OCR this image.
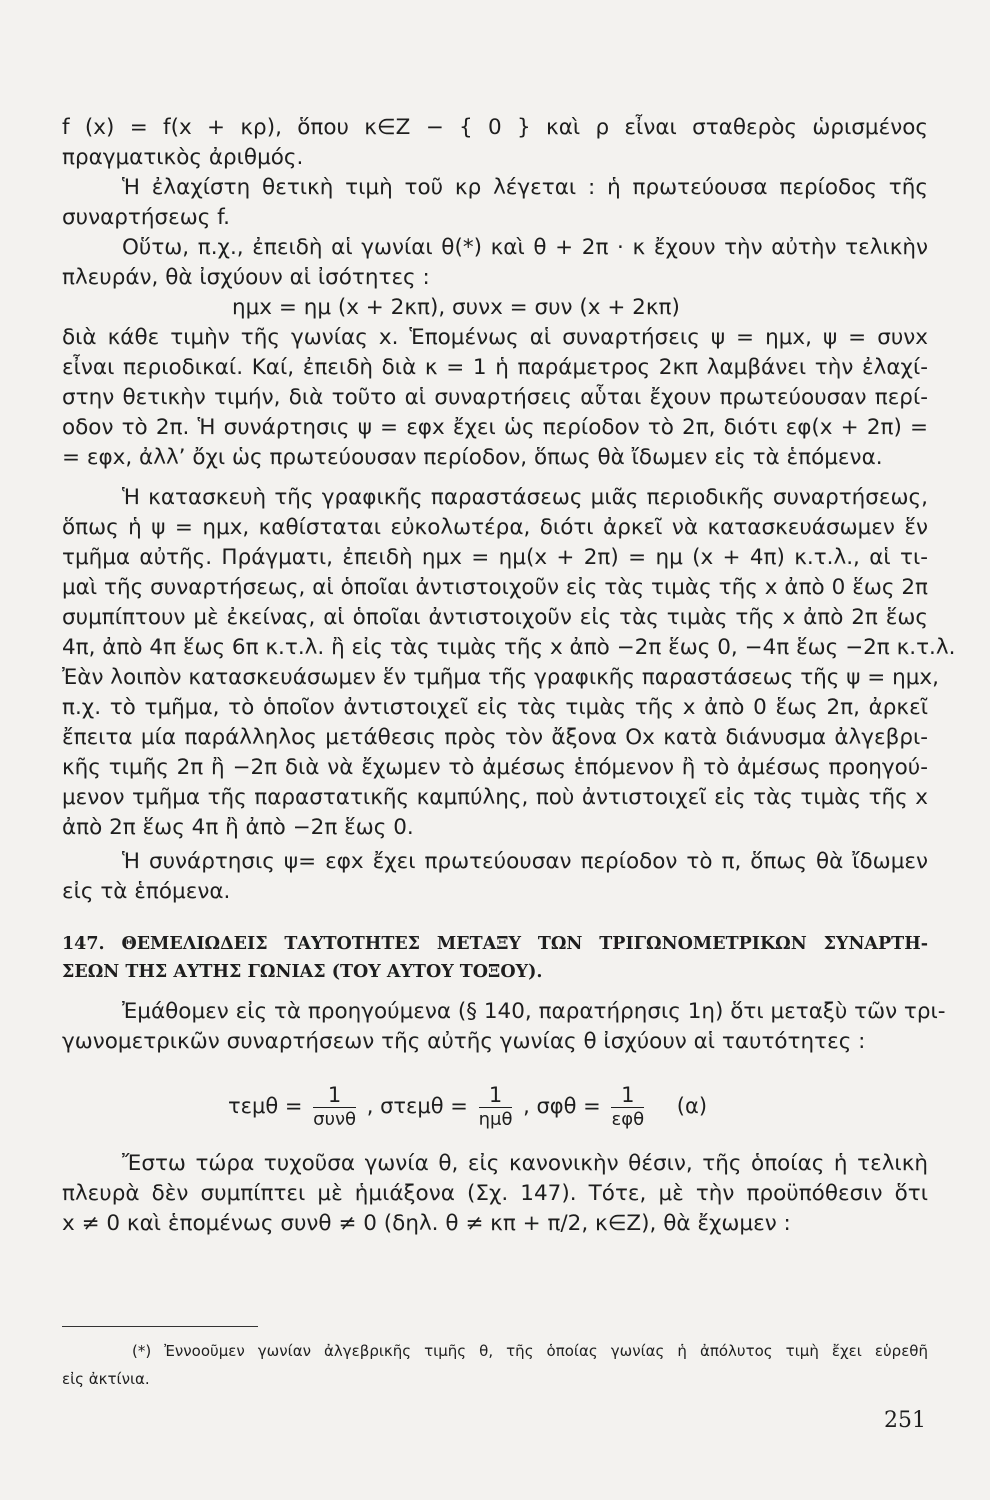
f (x) = f(x + κρ), ὅπου κ∈Z − { 0 } καὶ ρ εἶναι σταθερὸς ὡρισμένος
πραγματικὸς ἀριθμός.
Ἡ ἐλαχίστη θετικὴ τιμὴ τοῦ κρ λέγεται : ἡ πρωτεύουσα περίοδος τῆς
συναρτήσεως f.
Οὕτω, π.χ., ἐπειδὴ αἱ γωνίαι θ(*) καὶ θ + 2π · κ ἔχουν τὴν αὐτὴν τελικὴν
πλευράν, θὰ ἰσχύουν αἱ ἰσότητες :
ημx = ημ (x + 2κπ), συνx = συν (x + 2κπ)
διὰ κάθε τιμὴν τῆς γωνίας x. Ἑπομένως αἱ συναρτήσεις ψ = ημx, ψ = συνx
εἶναι περιοδικαί. Καί, ἐπειδὴ διὰ κ = 1 ἡ παράμετρος 2κπ λαμβάνει τὴν ἐλαχί-
στην θετικὴν τιμήν, διὰ τοῦτο αἱ συναρτήσεις αὗται ἔχουν πρωτεύουσαν περί-
οδον τὸ 2π. Ἡ συνάρτησις ψ = εφx ἔχει ὡς περίοδον τὸ 2π, διότι εφ(x + 2π) =
= εφx, ἀλλ’ ὄχι ὡς πρωτεύουσαν περίοδον, ὅπως θὰ ἴδωμεν εἰς τὰ ἑπόμενα.
Ἡ κατασκευὴ τῆς γραφικῆς παραστάσεως μιᾶς περιοδικῆς συναρτήσεως,
ὅπως ἡ ψ = ημx, καθίσταται εὐκολωτέρα, διότι ἀρκεῖ νὰ κατασκευάσωμεν ἕν
τμῆμα αὐτῆς. Πράγματι, ἐπειδὴ ημx = ημ(x + 2π) = ημ (x + 4π) κ.τ.λ., αἱ τι-
μαὶ τῆς συναρτήσεως, αἱ ὁποῖαι ἀντιστοιχοῦν εἰς τὰς τιμὰς τῆς x ἀπὸ 0 ἕως 2π
συμπίπτουν μὲ ἐκείνας, αἱ ὁποῖαι ἀντιστοιχοῦν εἰς τὰς τιμὰς τῆς x ἀπὸ 2π ἕως
4π, ἀπὸ 4π ἕως 6π κ.τ.λ. ἢ εἰς τὰς τιμὰς τῆς x ἀπὸ −2π ἕως 0, −4π ἕως −2π κ.τ.λ.
Ἐὰν λοιπὸν κατασκευάσωμεν ἕν τμῆμα τῆς γραφικῆς παραστάσεως τῆς ψ = ημx,
π.χ. τὸ τμῆμα, τὸ ὁποῖον ἀντιστοιχεῖ εἰς τὰς τιμὰς τῆς x ἀπὸ 0 ἕως 2π, ἀρκεῖ
ἔπειτα μία παράλληλος μετάθεσις πρὸς τὸν ἄξονα Οx κατὰ διάνυσμα ἀλγεβρι-
κῆς τιμῆς 2π ἢ −2π διὰ νὰ ἔχωμεν τὸ ἀμέσως ἑπόμενον ἢ τὸ ἀμέσως προηγού-
μενον τμῆμα τῆς παραστατικῆς καμπύλης, ποὺ ἀντιστοιχεῖ εἰς τὰς τιμὰς τῆς x
ἀπὸ 2π ἕως 4π ἢ ἀπὸ −2π ἕως 0.
Ἡ συνάρτησις ψ= εφx ἔχει πρωτεύουσαν περίοδον τὸ π, ὅπως θὰ ἴδωμεν
εἰς τὰ ἑπόμενα.
147. ΘΕΜΕΛΙΩΔΕΙΣ ΤΑΥΤΟΤΗΤΕΣ ΜΕΤΑΞΥ ΤΩΝ ΤΡΙΓΩΝΟΜΕΤΡΙΚΩΝ ΣΥΝΑΡΤΗ-
ΣΕΩΝ ΤΗΣ ΑΥΤΗΣ ΓΩΝΙΑΣ (ΤΟΥ ΑΥΤΟΥ ΤΟΞΟΥ).
Ἐμάθομεν εἰς τὰ προηγούμενα (§ 140, παρατήρησις 1η) ὅτι μεταξὺ τῶν τρι-
γωνομετρικῶν συναρτήσεων τῆς αὐτῆς γωνίας θ ἰσχύουν αἱ ταυτότητες :
$\tau\varepsilon\mu\theta = \frac{1}{\text{συνθ}}$ , $\sigma\tau\varepsilon\mu\theta = \frac{1}{\text{ημθ}}$ , $\sigma\varphi\theta = \frac{1}{\text{εφθ}} (\alpha)$
Ἔστω τώρα τυχοῦσα γωνία θ, εἰς κανονικὴν θέσιν, τῆς ὁποίας ἡ τελικὴ
πλευρὰ δὲν συμπίπτει μὲ ἡμιάξονα (Σχ. 147). Τότε, μὲ τὴν προϋπόθεσιν ὅτι
x ≠ 0 καὶ ἑπομένως συνθ ≠ 0 (δηλ. θ ≠ κπ + π/2, κ∈Z), θὰ ἔχωμεν :
(*) Ἐννοοῦμεν γωνίαν ἀλγεβρικῆς τιμῆς θ, τῆς ὁποίας γωνίας ἡ ἀπόλυτος τιμὴ ἔχει εὑρεθῆ
εἰς ἀκτίνια.
251
